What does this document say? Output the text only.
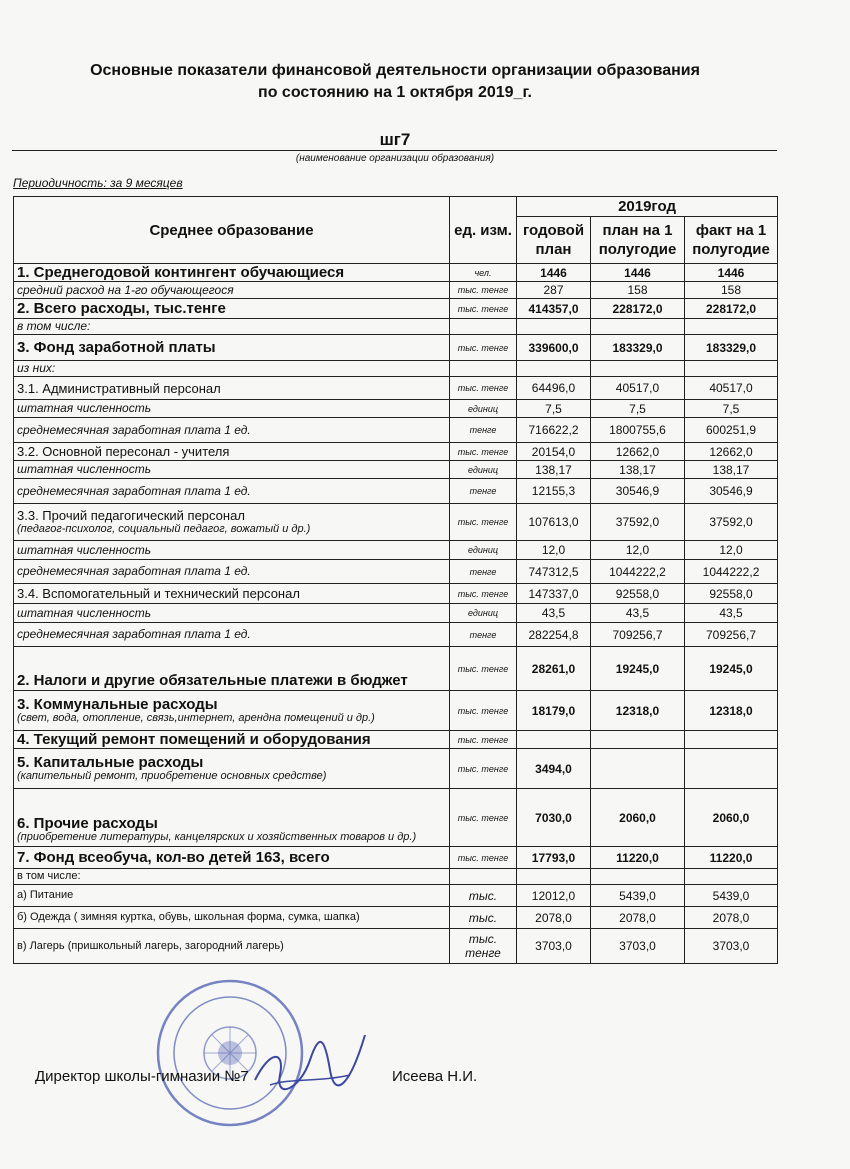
Основные показатели финансовой деятельности организации образования
по состоянию на 1 октября 2019_г.
шг7
(наименование организации образования)
Периодичность: за 9 месяцев
Среднее образование	ед. изм.	2019год		
		годовой план	план на 1 полугодие	факт на 1 полугодие
1. Среднегодовой контингент обучающиеся	чел.	1446	1446	1446
средний расход на 1-го обучающегося	тыс. тенге	287	158	158
2. Всего расходы, тыс.тенге	тыс. тенге	414357,0	228172,0	228172,0
в том числе:				
3. Фонд заработной платы	тыс. тенге	339600,0	183329,0	183329,0
из них:				
3.1. Административный персонал	тыс. тенге	64496,0	40517,0	40517,0
штатная численность	единиц	7,5	7,5	7,5
среднемесячная заработная плата 1 ед.	тенге	716622,2	1800755,6	600251,9
3.2. Основной пересонал - учителя	тыс. тенге	20154,0	12662,0	12662,0
штатная численность	единиц	138,17	138,17	138,17
среднемесячная заработная плата 1 ед.	тенге	12155,3	30546,9	30546,9
3.3. Прочий педагогический персонал
(педагог-психолог, социальный педагог, вожатый и др.)	тыс. тенге	107613,0	37592,0	37592,0
штатная численность	единиц	12,0	12,0	12,0
среднемесячная заработная плата 1 ед.	тенге	747312,5	1044222,2	1044222,2
3.4. Вспомогательный и технический персонал	тыс. тенге	147337,0	92558,0	92558,0
штатная численность	единиц	43,5	43,5	43,5
среднемесячная заработная плата 1 ед.	тенге	282254,8	709256,7	709256,7
2. Налоги и другие обязательные платежи в бюджет	тыс. тенге	28261,0	19245,0	19245,0
3. Коммунальные расходы
(свет, вода, отопление, связь,интернет, арендна помещений и др.)	тыс. тенге	18179,0	12318,0	12318,0
4. Текущий ремонт помещений и оборудования	тыс. тенге			
5. Капитальные расходы
(капительный ремонт, приобретение основных средстве)	тыс. тенге	3494,0		
6. Прочие расходы
(приобретение литературы, канцелярских и хозяйственных товаров и др.)	тыс. тенге	7030,0	2060,0	2060,0
7. Фонд всеобуча, кол-во детей 163, всего	тыс. тенге	17793,0	11220,0	11220,0
в том числе:				
а) Питание	тыс.	12012,0	5439,0	5439,0
б) Одежда ( зимняя куртка, обувь, школьная форма, сумка, шапка)	тыс.	2078,0	2078,0	2078,0
в) Лагерь (пришкольный лагерь, загородний лагерь)	тыс. тенге	3703,0	3703,0	3703,0
Директор школы-гимназии №7	Исеева Н.И.
